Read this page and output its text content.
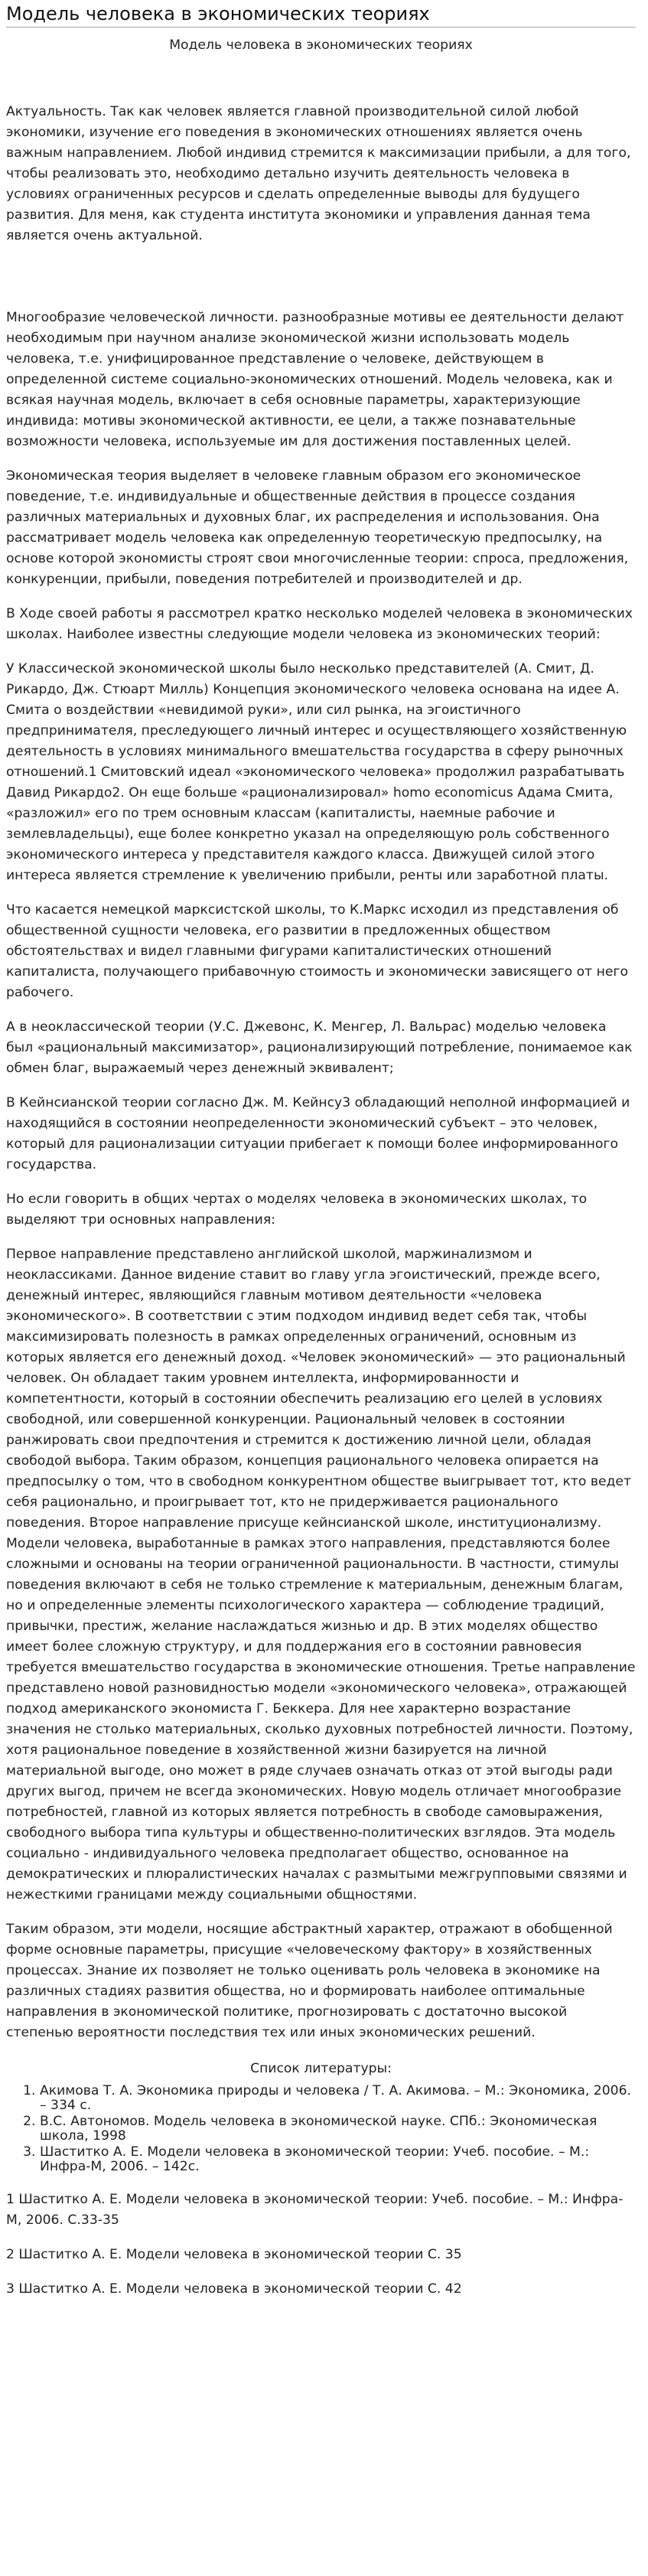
Модель человека в экономических теориях
Модель человека в экономических теориях

Актуальность. Так как человек является главной производительной силой любой экономики, изучение его поведения в экономических отношениях является очень важным направлением. Любой индивид стремится к максимизации прибыли, а для того, чтобы реализовать это, необходимо детально изучить деятельность человека в условиях ограниченных ресурсов и сделать определенные выводы для будущего развития. Для меня, как студента института экономики и управления данная тема является очень актуальной.

Многообразие человеческой личности. разнообразные мотивы ее деятельности делают необходимым при научном анализе экономической жизни использовать модель человека, т.е. унифицированное представление о человеке, действующем в определенной системе социально-экономических отношений. Модель человека, как и всякая научная модель, включает в себя основные параметры, характеризующие индивида: мотивы экономической активности, ее цели, а также познавательные возможности человека, используемые им для достижения поставленных целей.

Экономическая теория выделяет в человеке главным образом его экономическое поведение, т.е. индивидуальные и общественные действия в процессе создания различных материальных и духовных благ, их распределения и использования. Она рассматривает модель человека как определенную теоретическую предпосылку, на основе которой экономисты строят свои многочисленные теории: спроса, предложения, конкуренции, прибыли, поведения потребителей и производителей и др.

В Ходе своей работы я рассмотрел кратко несколько моделей человека в экономических школах. Наиболее известны следующие модели человека из экономических теорий:

У Классической экономической школы было несколько представителей (А. Смит, Д. Рикардо, Дж. Стюарт Милль) Концепция экономического человека основана на идее А. Смита о воздействии «невидимой руки», или сил рынка, на эгоистичного предпринимателя, преследующего личный интерес и осуществляющего хозяйственную деятельность в условиях минимального вмешательства государства в сферу рыночных отношений.1 Смитовский идеал «экономического человека» продолжил разрабатывать Давид Рикардо2. Он еще больше «рационализировал» homo economicus Адама Смита, «разложил» его по трем основным классам (капиталисты, наемные рабочие и землевладельцы), еще более конкретно указал на определяющую роль собственного экономического интереса у представителя каждого класса. Движущей силой этого интереса является стремление к увеличению прибыли, ренты или заработной платы.

Что касается немецкой марксистской школы, то К.Маркс исходил из представления об общественной сущности человека, его развитии в предложенных обществом обстоятельствах и видел главными фигурами капиталистических отношений капиталиста, получающего прибавочную стоимость и экономически зависящего от него рабочего.

А в неоклассической теории (У.С. Джевонс, К. Менгер, Л. Вальрас) моделью человека был «рациональный максимизатор», рационализирующий потребление, понимаемое как обмен благ, выражаемый через денежный эквивалент;

В Кейнсианской теории согласно Дж. М. Кейнсу3 обладающий неполной информацией и находящийся в состоянии неопределенности экономический субъект – это человек, который для рационализации ситуации прибегает к помощи более информированного государства.

Но если говорить в общих чертах о моделях человека в экономических школах, то выделяют три основных направления:

Первое направление представлено английской школой, маржинализмом и неоклассиками. Данное видение ставит во главу угла эгоистический, прежде всего, денежный интерес, являющийся главным мотивом деятельности «человека экономического». В соответствии с этим подходом индивид ведет себя так, чтобы максимизировать полезность в рамках определенных ограничений, основным из которых является его денежный доход. «Человек экономический» — это рациональный человек. Он обладает таким уровнем интеллекта, информированности и компетентности, который в состоянии обеспечить реализацию его целей в условиях свободной, или совершенной конкуренции. Рациональный человек в состоянии ранжировать свои предпочтения и стремится к достижению личной цели, обладая свободой выбора. Таким образом, концепция рационального человека опирается на предпосылку о том, что в свободном конкурентном обществе выигрывает тот, кто ведет себя рационально, и проигрывает тот, кто не придерживается рационального поведения. Второе направление присуще кейнсианской школе, институционализму. Модели человека, выработанные в рамках этого направления, представляются более сложными и основаны на теории ограниченной рациональности. В частности, стимулы поведения включают в себя не только стремление к материальным, денежным благам, но и определенные элементы психологического характера — соблюдение традиций, привычки, престиж, желание наслаждаться жизнью и др. В этих моделях общество имеет более сложную структуру, и для поддержания его в состоянии равновесия требуется вмешательство государства в экономические отношения. Третье направление представлено новой разновидностью модели «экономического человека», отражающей подход американского экономиста Г. Беккера. Для нее характерно возрастание значения не столько материальных, сколько духовных потребностей личности. Поэтому, хотя рациональное поведение в хозяйственной жизни базируется на личной материальной выгоде, оно может в ряде случаев означать отказ от этой выгоды ради других выгод, причем не всегда экономических. Новую модель отличает многообразие потребностей, главной из которых является потребность в свободе самовыражения, свободного выбора типа культуры и общественно-политических взглядов. Эта модель социально - индивидуального человека предполагает общество, основанное на демократических и плюралистических началах с размытыми межгрупповыми связями и нежесткими границами между социальными общностями.

Таким образом, эти модели, носящие абстрактный характер, отражают в обобщенной форме основные параметры, присущие «человеческому фактору» в хозяйственных процессах. Знание их позволяет не только оценивать роль человека в экономике на различных стадиях развития общества, но и формировать наиболее оптимальные направления в экономической политике, прогнозировать с достаточно высокой степенью вероятности последствия тех или иных экономических решений.

Список литературы:
1. Акимова Т. А. Экономика природы и человека / Т. А. Акимова. – М.: Экономика, 2006. – 334 с.
2. В.С. Автономов. Модель человека в экономической науке. СПб.: Экономическая школа, 1998
3. Шаститко А. Е. Модели человека в экономической теории: Учеб. пособие. – М.: Инфра-М, 2006. – 142с.

1 Шаститко А. Е. Модели человека в экономической теории: Учеб. пособие. – М.: Инфра-М, 2006. С.33-35

2 Шаститко А. Е. Модели человека в экономической теории С. 35

3 Шаститко А. Е. Модели человека в экономической теории С. 42
